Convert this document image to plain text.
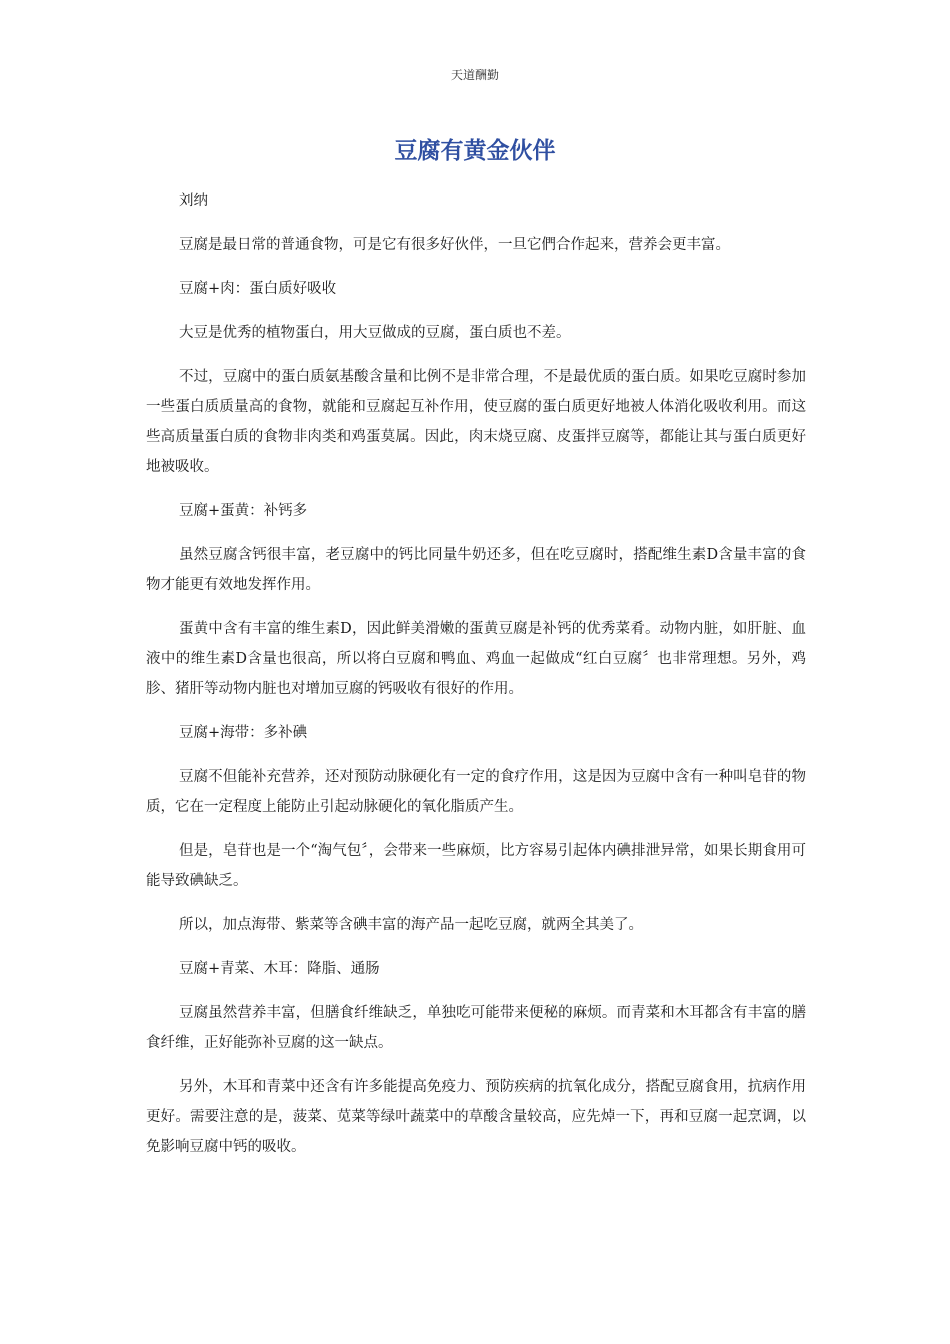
天道酬勤
豆腐有黄金伙伴

刘纳

豆腐是最日常的普通食物，可是它有很多好伙伴，一旦它們合作起来，营养会更丰富。

豆腐+肉：蛋白质好吸收

大豆是优秀的植物蛋白，用大豆做成的豆腐，蛋白质也不差。

不过，豆腐中的蛋白质氨基酸含量和比例不是非常合理，不是最优质的蛋白质。如果吃豆腐时参加一些蛋白质质量高的食物，就能和豆腐起互补作用，使豆腐的蛋白质更好地被人体消化吸收利用。而这些高质量蛋白质的食物非肉类和鸡蛋莫属。因此，肉末烧豆腐、皮蛋拌豆腐等，都能让其与蛋白质更好地被吸收。

豆腐+蛋黄：补钙多

虽然豆腐含钙很丰富，老豆腐中的钙比同量牛奶还多，但在吃豆腐时，搭配维生素D含量丰富的食物才能更有效地发挥作用。

蛋黄中含有丰富的维生素D，因此鲜美滑嫩的蛋黄豆腐是补钙的优秀菜肴。动物内脏，如肝脏、血液中的维生素D含量也很高，所以将白豆腐和鸭血、鸡血一起做成“红白豆腐〞也非常理想。另外，鸡胗、猪肝等动物内脏也对增加豆腐的钙吸收有很好的作用。

豆腐+海带：多补碘

豆腐不但能补充营养，还对预防动脉硬化有一定的食疗作用，这是因为豆腐中含有一种叫皂苷的物质，它在一定程度上能防止引起动脉硬化的氧化脂质产生。

但是，皂苷也是一个“淘气包〞，会带来一些麻烦，比方容易引起体内碘排泄异常，如果长期食用可能导致碘缺乏。

所以，加点海带、紫菜等含碘丰富的海产品一起吃豆腐，就两全其美了。

豆腐+青菜、木耳：降脂、通肠

豆腐虽然营养丰富，但膳食纤维缺乏，单独吃可能带来便秘的麻烦。而青菜和木耳都含有丰富的膳食纤维，正好能弥补豆腐的这一缺点。

另外，木耳和青菜中还含有许多能提高免疫力、预防疾病的抗氧化成分，搭配豆腐食用，抗病作用更好。需要注意的是，菠菜、苋菜等绿叶蔬菜中的草酸含量较高，应先焯一下，再和豆腐一起烹调，以免影响豆腐中钙的吸收。
